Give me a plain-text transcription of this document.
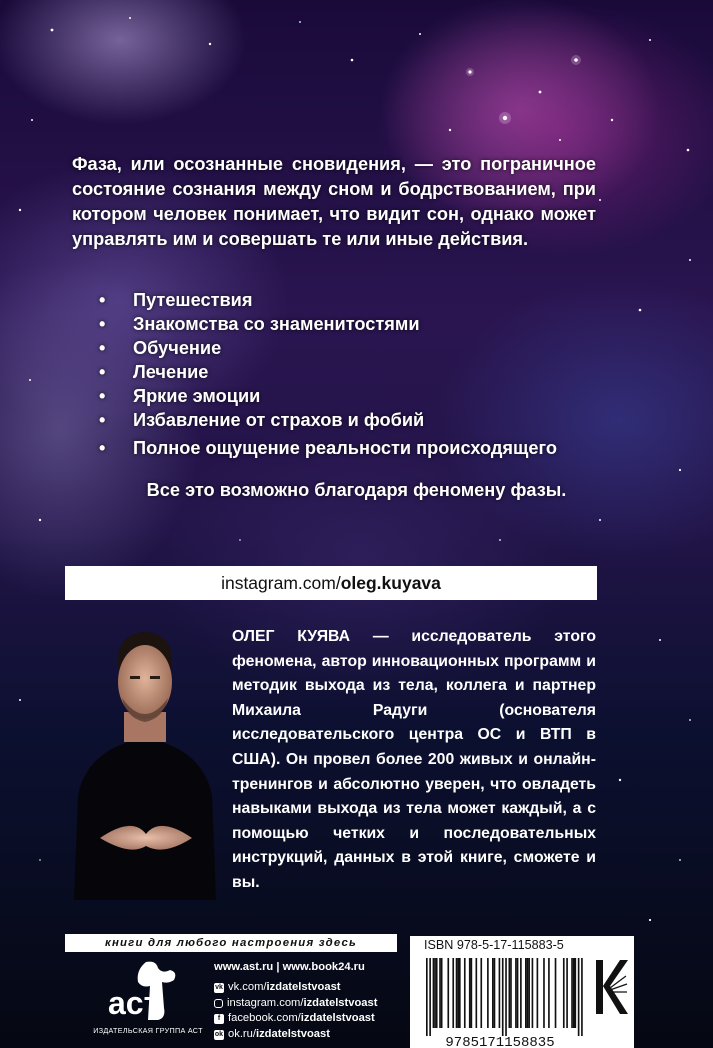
Фаза, или осознанные сновидения, — это пограничное состояние сознания между сном и бодрствованием, при котором человек понимает, что видит сон, однако может управлять им и совершать те или иные действия.
• Путешествия
• Знакомства со знаменитостями
• Обучение
• Лечение
• Яркие эмоции
• Избавление от страхов и фобий
• Полное ощущение реальности происходящего
Все это возможно благодаря феномену фазы.
instagram.com/oleg.kuyava
ОЛЕГ КУЯВА — исследователь этого феномена, автор инновационных программ и методик выхода из тела, коллега и партнер Михаила Радуги (основателя исследовательского центра ОС и ВТП в США). Он провел более 200 живых и онлайн-тренингов и абсолютно уверен, что овладеть навыками выхода из тела может каждый, а с помощью четких и последовательных инструкций, данных в этой книге, сможете и вы.
книги для любого настроения здесь
аст
ИЗДАТЕЛЬСКАЯ ГРУППА АСТ
www.ast.ru | www.book24.ru
vk vk.com/ izdatelstvoast
instagram.com/ izdatelstvoast
f facebook.com/ izdatelstvoast
ok ok.ru/ izdatelstvoast
ISBN 978-5-17-115883-5
9785171158835
